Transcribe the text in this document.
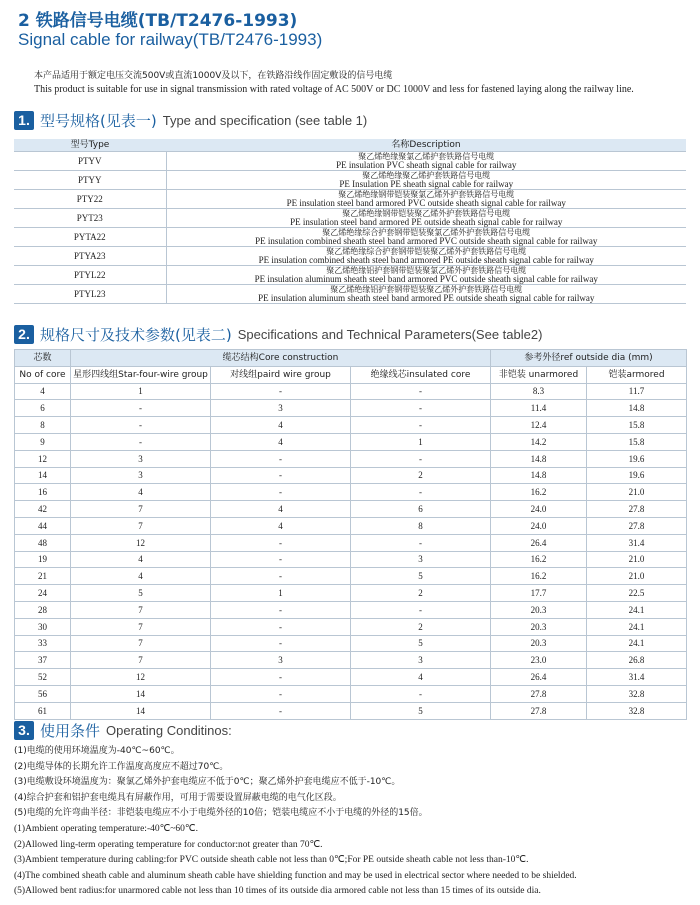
2 铁路信号电缆(TB/T2476-1993)
Signal cable for railway(TB/T2476-1993)
本产品适用于额定电压交流500V或直流1000V及以下，在铁路沿线作固定敷设的信号电缆
This product is suitable for use in signal transmission with rated voltage of AC 500V or DC 1000V and less for fastened laying along the railway line.
1. 型号规格(见表一) Type and specification (see table 1)
型号Type	名称Description
PTYV	聚乙烯绝缘聚氯乙烯护套铁路信号电缆
PE insulation PVC sheath signal cable for railway

PTYY	聚乙烯绝缘聚乙烯护套铁路信号电缆
PE Insulation PE sheath signal cable for railway

PTY22	聚乙烯绝缘钢带铠装聚氯乙烯外护套铁路信号电缆
PE insulation steel band armored PVC outside sheath signal cable for railway

PYT23	聚乙烯绝缘钢带铠装聚乙烯外护套铁路信号电缆
PE insulation steel band armored PE outside sheath signal cable for railway

PYTA22	聚乙烯绝缘综合护套钢带铠装聚氯乙烯外护套铁路信号电缆
PE insulation combined sheath steel band armored PVC outside sheath signal cable for railway

PTYA23	聚乙烯绝缘综合护套钢带铠装聚乙烯外护套铁路信号电缆
PE insulation combined sheath steel band armored PE outside sheath signal cable for railway

PTYL22	聚乙烯绝缘铝护套钢带铠装聚氯乙烯外护套铁路信号电缆
PE insulation aluminum sheath steel band armored PVC outside sheath signal cable for railway

PTYL23	聚乙烯绝缘铝护套钢带铠装聚乙烯外护套铁路信号电缆
PE insulation aluminum sheath steel band armored PE outside sheath signal cable for railway
2. 规格尺寸及技术参数(见表二) Specifications and Technical Parameters(See table2)
芯数	缆芯结构Core construction			参考外径ref outside dia (mm)	
No of core	星形四线组Star-four-wire group	对线组paird wire group	绝缘线芯insulated core	非铠装 unarmored	铠装armored
4	1	-	-	8.3	11.7
6	-	3	-	11.4	14.8
8	-	4	-	12.4	15.8
9	-	4	1	14.2	15.8
12	3	-	-	14.8	19.6
14	3	-	2	14.8	19.6
16	4	-	-	16.2	21.0
42	7	4	6	24.0	27.8
44	7	4	8	24.0	27.8
48	12	-	-	26.4	31.4
19	4	-	3	16.2	21.0
21	4	-	5	16.2	21.0
24	5	1	2	17.7	22.5
28	7	-	-	20.3	24.1
30	7	-	2	20.3	24.1
33	7	-	5	20.3	24.1
37	7	3	3	23.0	26.8
52	12	-	4	26.4	31.4
56	14	-	-	27.8	32.8
61	14	-	5	27.8	32.8
3. 使用条件 Operating Conditinos:
(1)电缆的使用环境温度为-40℃~60℃。
(2)电缆导体的长期允许工作温度高度应不超过70℃。
(3)电缆敷设环境温度为：聚氯乙烯外护套电缆应不低于0℃；聚乙烯外护套电缆应不低于-10℃。
(4)综合护套和铝护套电缆具有屏蔽作用，可用于需要设置屏蔽电缆的电气化区段。
(5)电缆的允许弯曲半径：非铠装电缆应不小于电缆外径的10倍；铠装电缆应不小于电缆的外径的15倍。
(1)Ambient operating temperature:-40℃~60℃.
(2)Allowed ling-term operating temperature for conductor:not greater than 70℃.
(3)Ambient temperature during cabling:for PVC outside sheath cable not less than 0℃;For PE outside sheath cable not less than-10℃.
(4)The combined sheath cable and aluminum sheath cable have shielding function and may be used in electrical sector where needed to be shielded.
(5)Allowed bent radius:for unarmored cable not less than 10 times of its outside dia armored cable not less than 15 times of its outside dia.
